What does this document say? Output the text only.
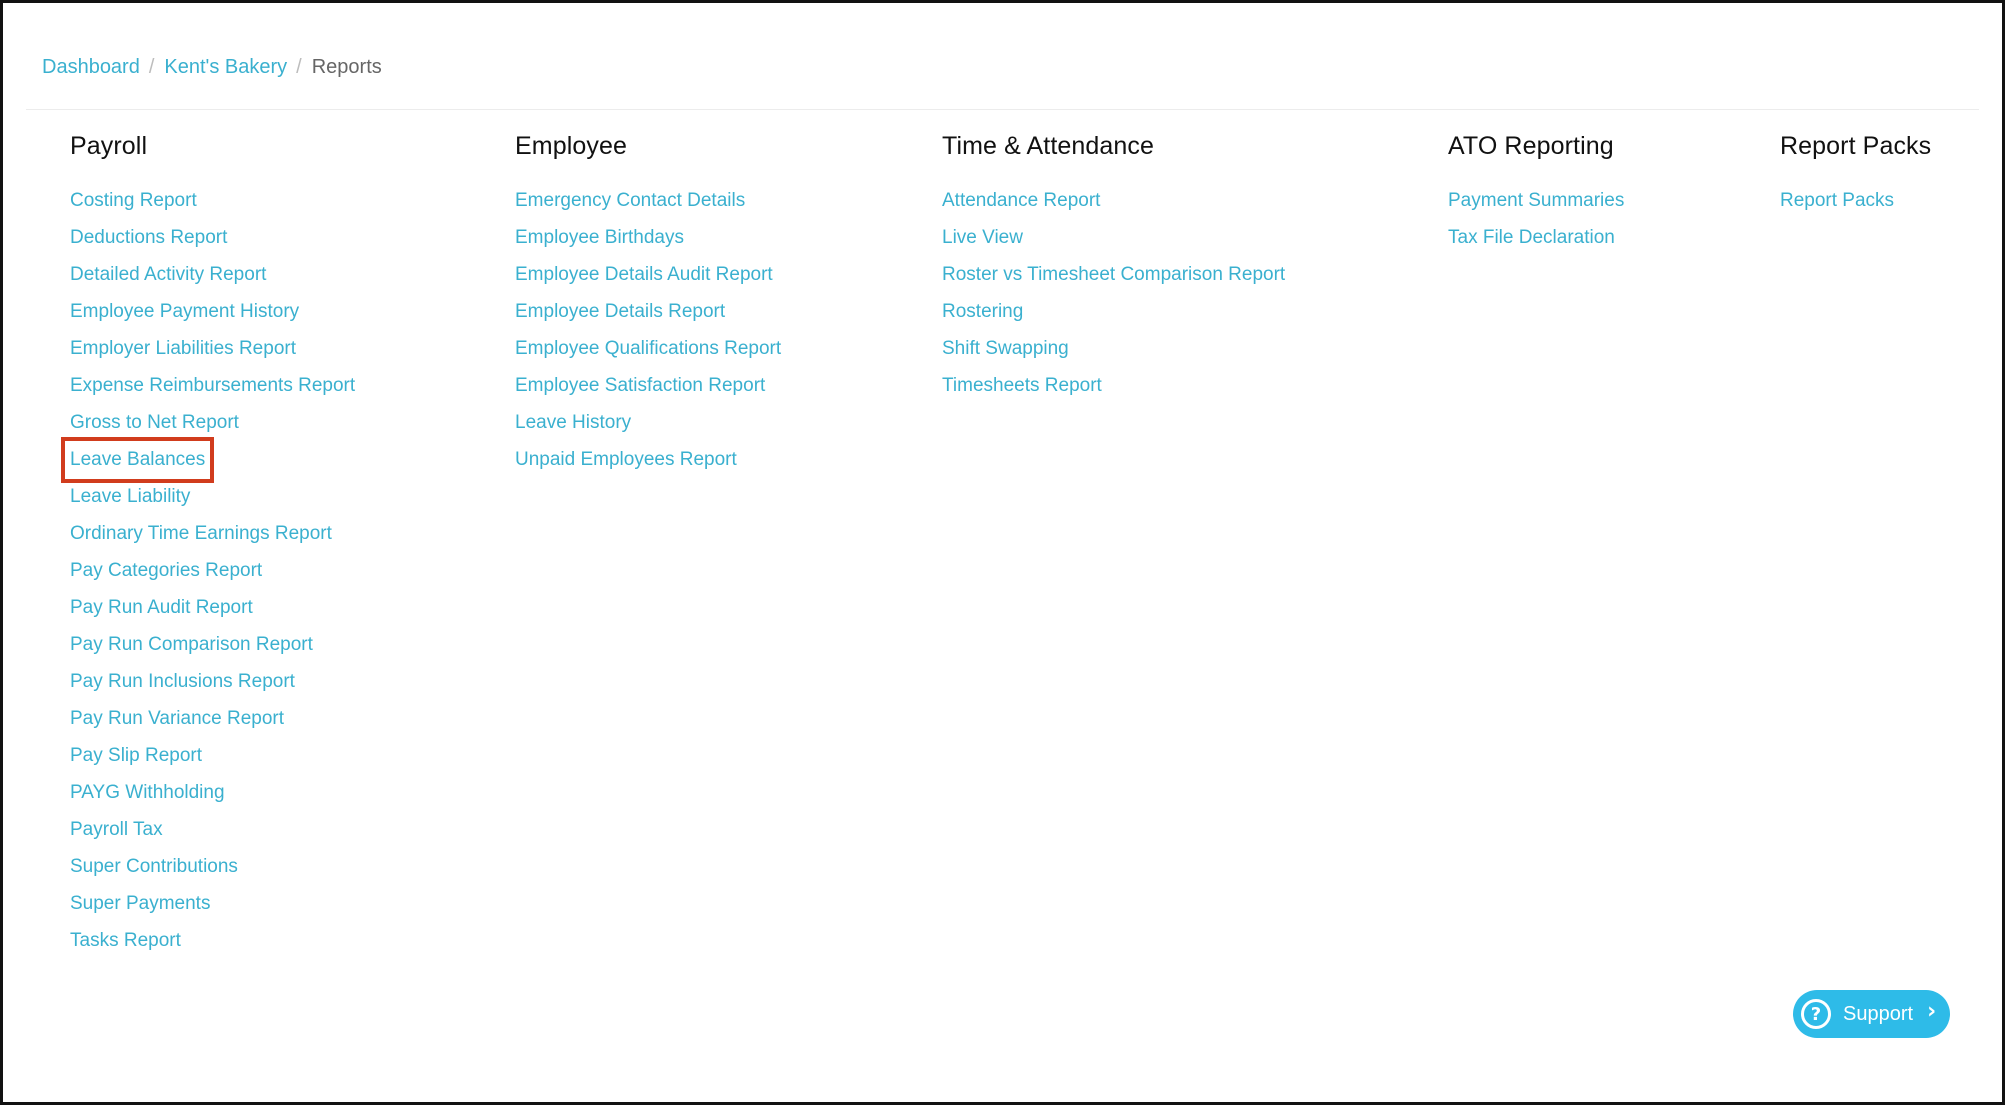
Dashboard / Kent's Bakery / Reports
Payroll
Costing Report
Deductions Report
Detailed Activity Report
Employee Payment History
Employer Liabilities Report
Expense Reimbursements Report
Gross to Net Report
Leave Balances
Leave Liability
Ordinary Time Earnings Report
Pay Categories Report
Pay Run Audit Report
Pay Run Comparison Report
Pay Run Inclusions Report
Pay Run Variance Report
Pay Slip Report
PAYG Withholding
Payroll Tax
Super Contributions
Super Payments
Tasks Report
Employee
Emergency Contact Details
Employee Birthdays
Employee Details Audit Report
Employee Details Report
Employee Qualifications Report
Employee Satisfaction Report
Leave History
Unpaid Employees Report
Time & Attendance
Attendance Report
Live View
Roster vs Timesheet Comparison Report
Rostering
Shift Swapping
Timesheets Report
ATO Reporting
Payment Summaries
Tax File Declaration
Report Packs
Report Packs
?	Support ›
